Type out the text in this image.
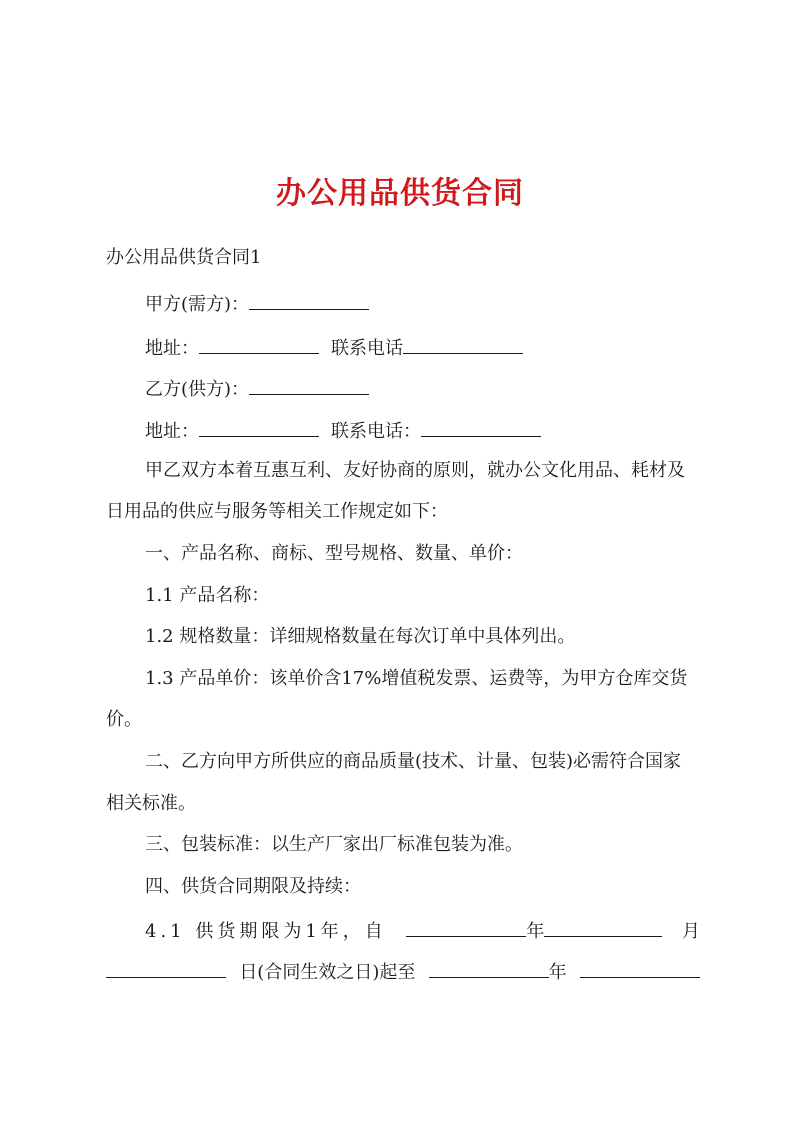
办公用品供货合同
办公用品供货合同1
甲方(需方)：
地址：	联系电话
乙方(供方)：
地址：	联系电话：
甲乙双方本着互惠互利、友好协商的原则，就办公文化用品、耗材及
日用品的供应与服务等相关工作规定如下：
一、产品名称、商标、型号规格、数量、单价：
1.1 产品名称：
1.2 规格数量：详细规格数量在每次订单中具体列出。
1.3 产品单价：该单价含17%增值税发票、运费等，为甲方仓库交货
价。
二、乙方向甲方所供应的商品质量(技术、计量、包装)必需符合国家
相关标准。
三、包装标准：以生产厂家出厂标准包装为准。
四、供货合同期限及持续：
4.1 供货期限为1年，自	年	月
日(合同生效之日)起至	年
